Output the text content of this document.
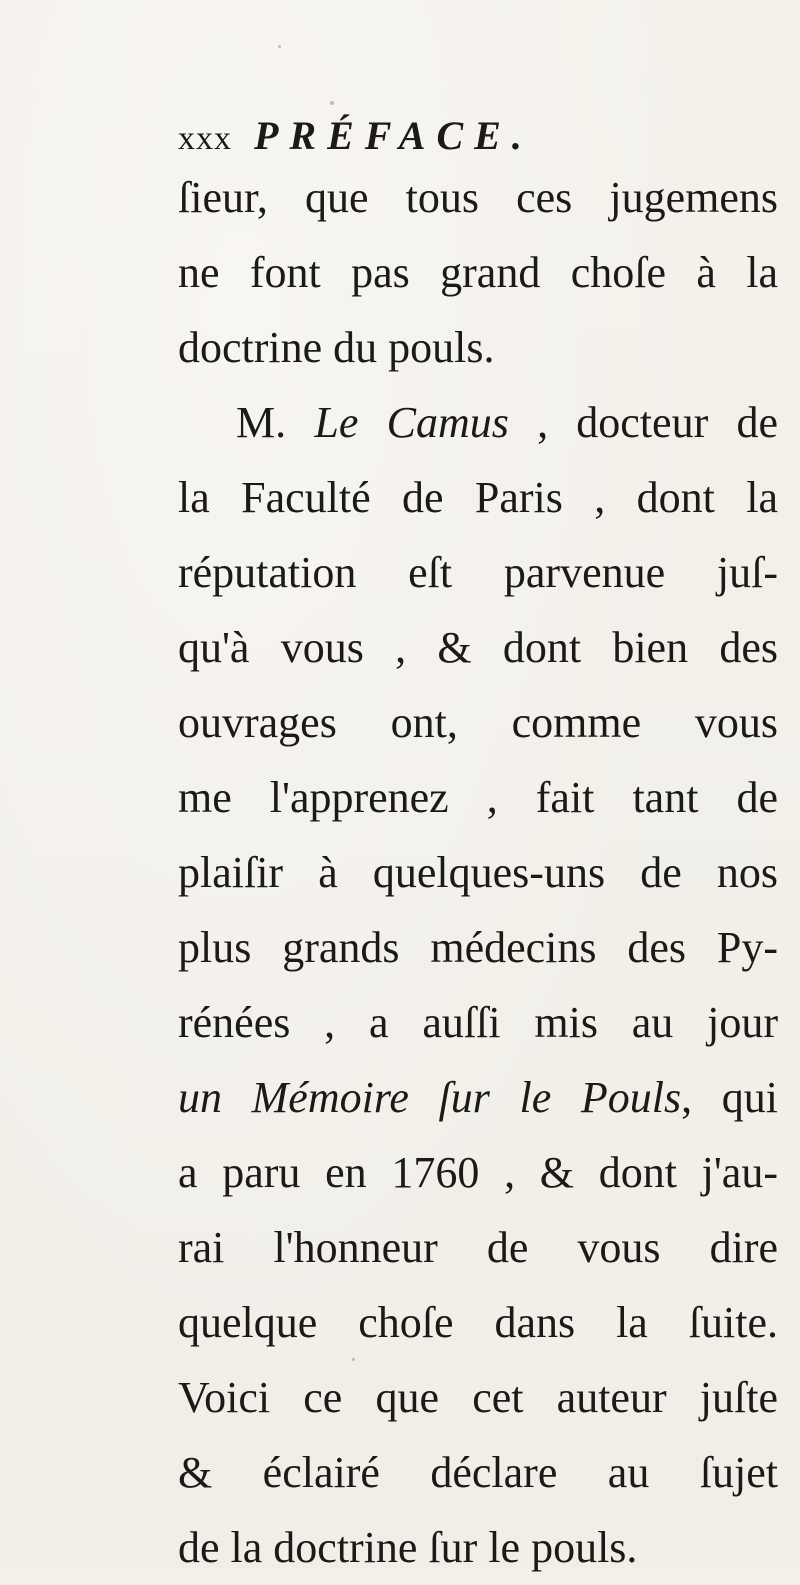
xxx PRÉFACE.
ſieur, que tous ces jugemens
ne font pas grand choſe à la
doctrine du pouls.
M. Le Camus , docteur de
la Faculté de Paris , dont la
réputation eſt parvenue juſ-
qu'à vous , & dont bien des
ouvrages ont, comme vous
me l'apprenez , fait tant de
plaiſir à quelques-uns de nos
plus grands médecins des Py-
rénées , a auſſi mis au jour
un Mémoire ſur le Pouls, qui
a paru en 1760 , & dont j'au-
rai l'honneur de vous dire
quelque choſe dans la ſuite.
Voici ce que cet auteur juſte
& éclairé déclare au ſujet
de la doctrine ſur le pouls.
